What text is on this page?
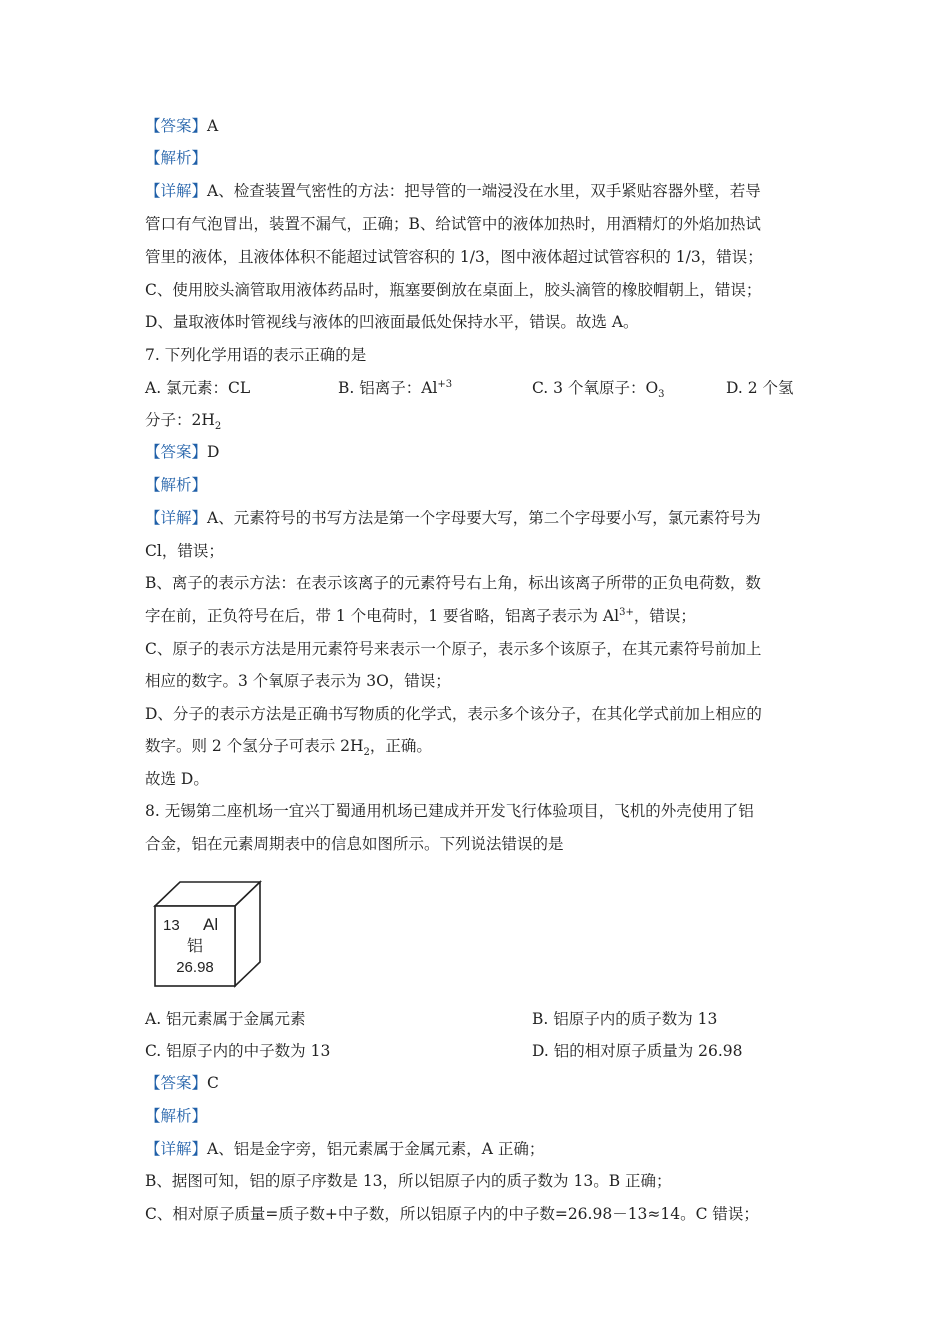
【答案】A
【解析】
【详解】A、检查装置气密性的方法：把导管的一端浸没在水里，双手紧贴容器外壁，若导
管口有气泡冒出，装置不漏气，正确；B、给试管中的液体加热时，用酒精灯的外焰加热试
管里的液体，且液体体积不能超过试管容积的 1/3，图中液体超过试管容积的 1/3，错误；
C、使用胶头滴管取用液体药品时，瓶塞要倒放在桌面上，胶头滴管的橡胶帽朝上，错误；
D、量取液体时管视线与液体的凹液面最低处保持水平，错误。故选 A。
7. 下列化学用语的表示正确的是
A. 氯元素：CL	B. 铝离子：$Al^{+3}$	C. 3 个氧原子：$O_3$	D. 2 个氢
分子：$2H_2$
【答案】D
【解析】
【详解】A、元素符号的书写方法是第一个字母要大写，第二个字母要小写，氯元素符号为
Cl，错误；
B、离子的表示方法：在表示该离子的元素符号右上角，标出该离子所带的正负电荷数，数
字在前，正负符号在后，带 1 个电荷时，1 要省略，铝离子表示为 $Al^{3+}$，错误；
C、原子的表示方法是用元素符号来表示一个原子，表示多个该原子，在其元素符号前加上
相应的数字。3 个氧原子表示为 3O，错误；
D、分子的表示方法是正确书写物质的化学式，表示多个该分子，在其化学式前加上相应的
数字。则 2 个氢分子可表示 $2H_2$，正确。
故选 D。
8. 无锡第二座机场一宜兴丁蜀通用机场已建成并开发飞行体验项目，飞机的外壳使用了铝
合金，铝在元素周期表中的信息如图所示。下列说法错误的是
13 Al
铝
26.98
A. 铝元素属于金属元素	B. 铝原子内的质子数为 13
C. 铝原子内的中子数为 13	D. 铝的相对原子质量为 26.98
【答案】C
【解析】
【详解】A、铝是金字旁，铝元素属于金属元素，A 正确；
B、据图可知，铝的原子序数是 13，所以铝原子内的质子数为 13。B 正确；
C、相对原子质量=质子数+中子数，所以铝原子内的中子数=26.98－13≈14。C 错误；
